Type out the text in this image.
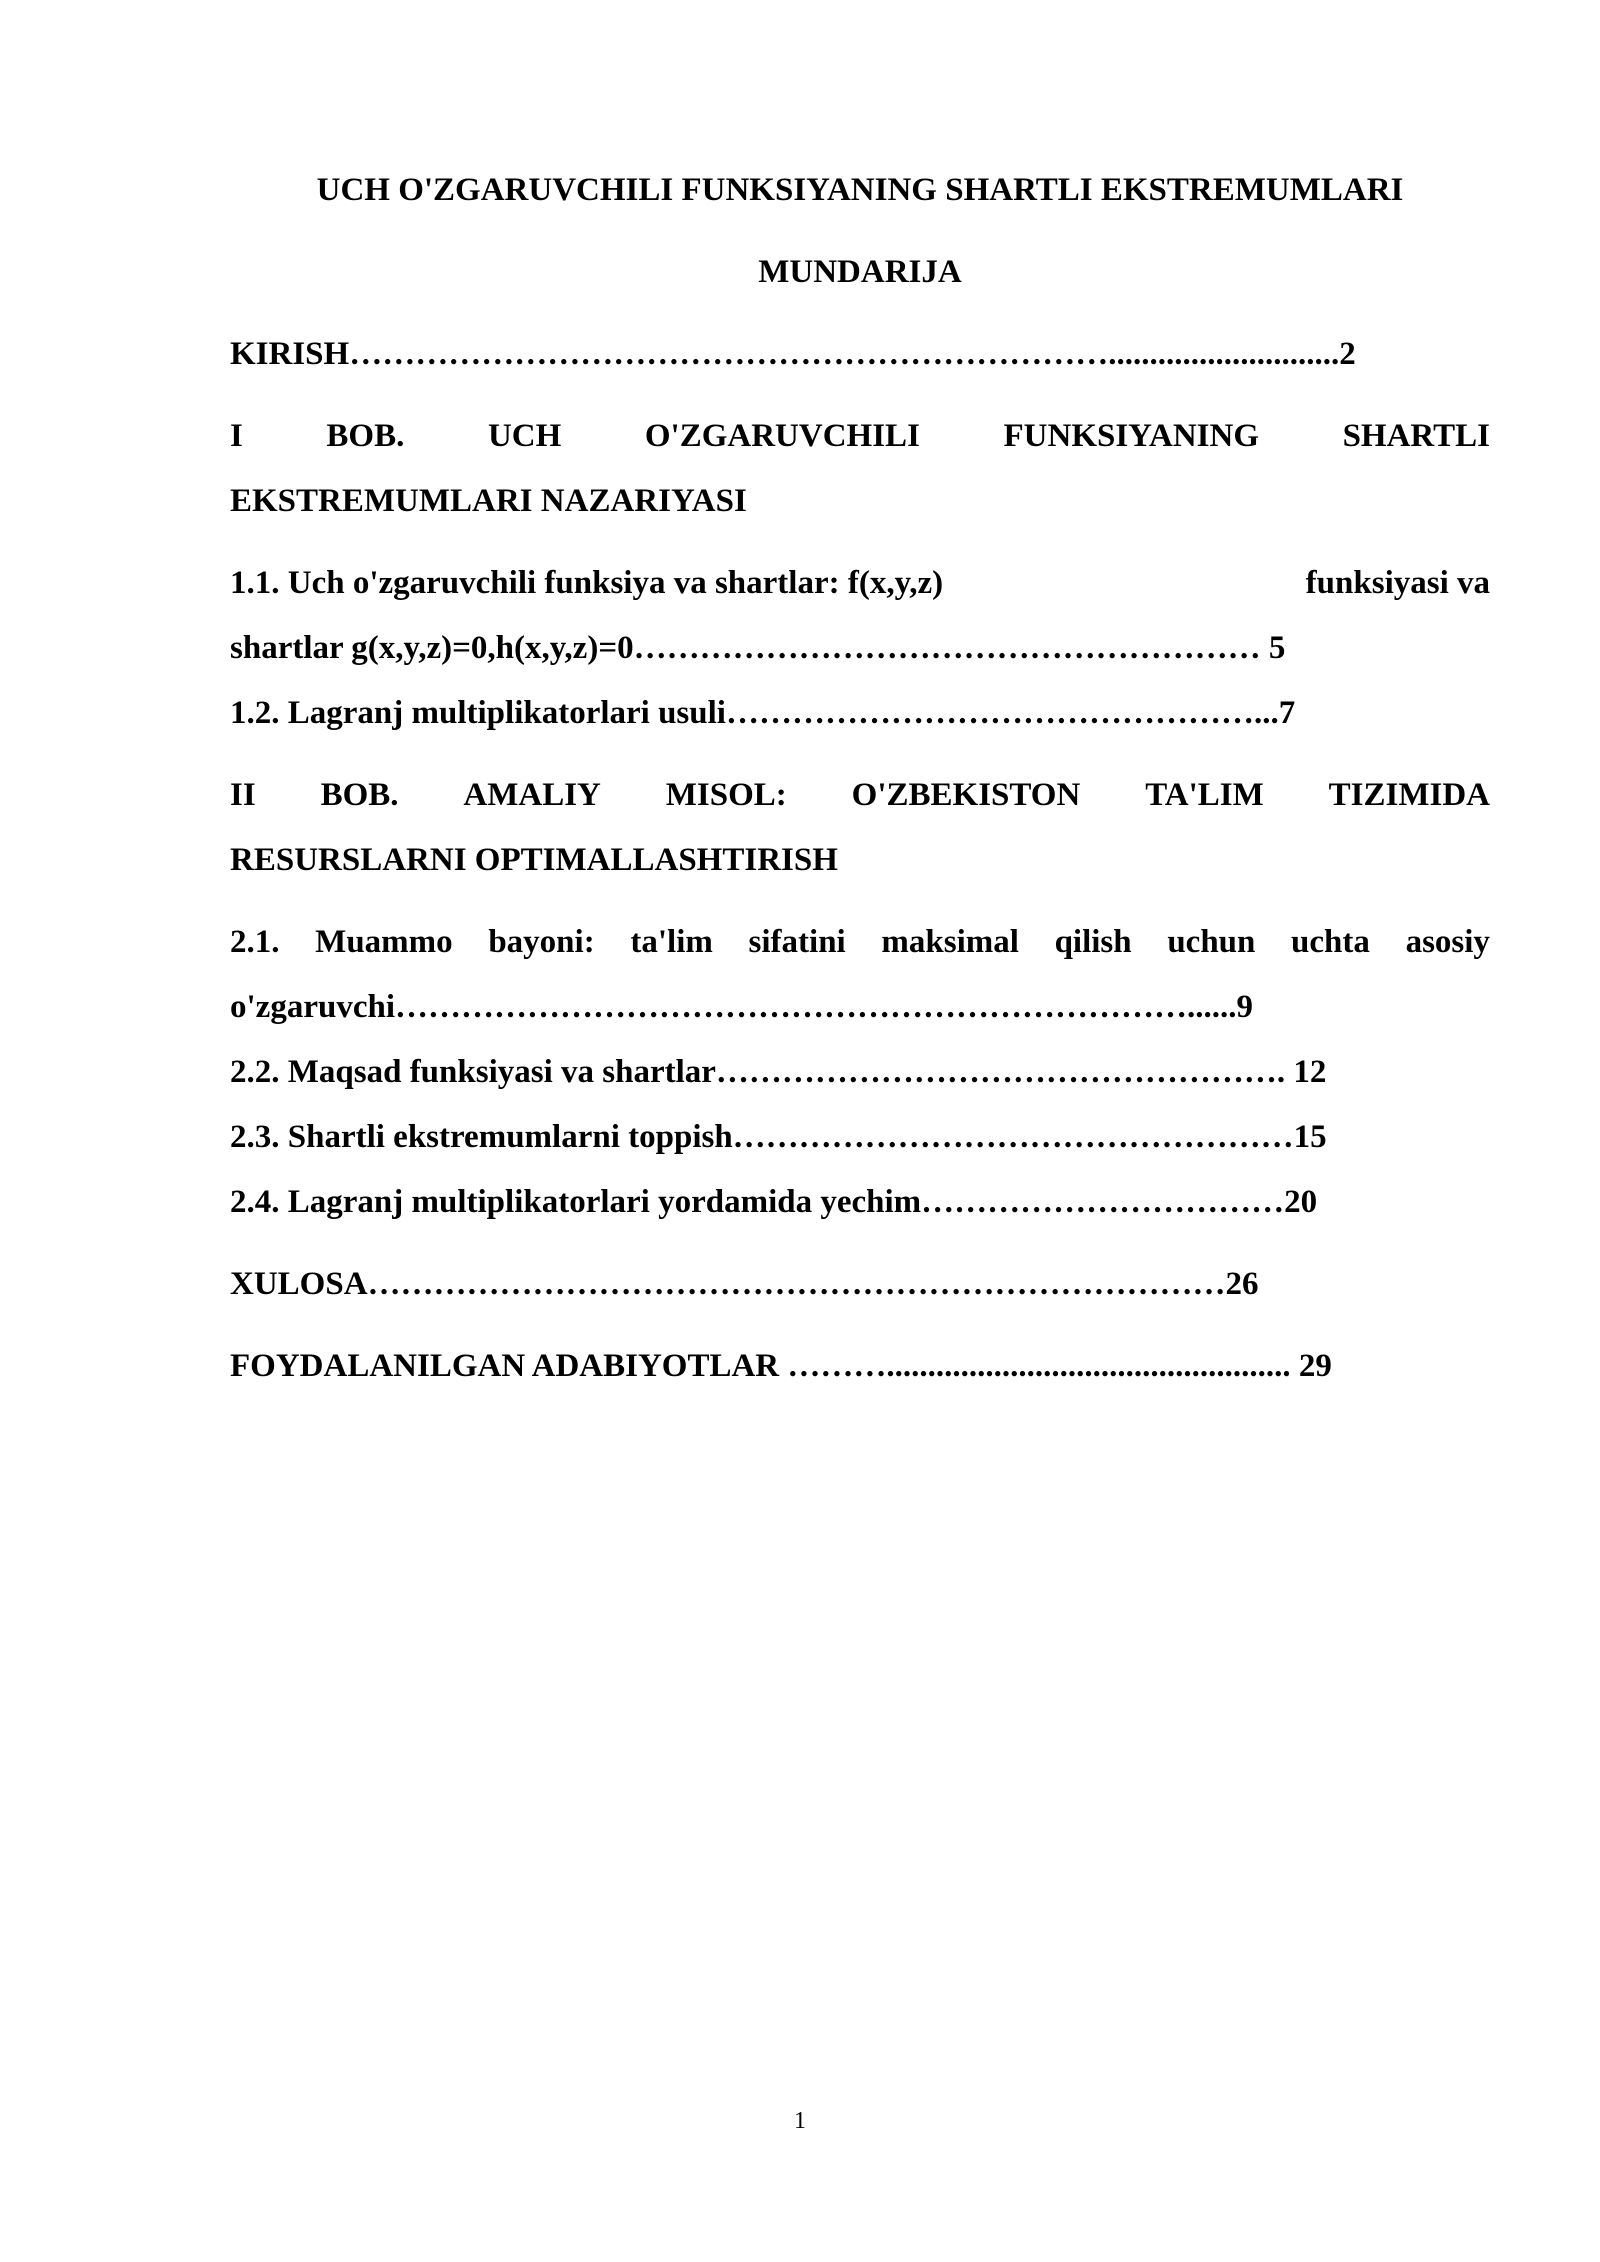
UCH O'ZGARUVCHILI FUNKSIYANING SHARTLI EKSTREMUMLARI
MUNDARIJA
KIRISH……………………………………………………………............................2
I	BOB.	UCH	O'ZGARUVCHILI	FUNKSIYANING	SHARTLI
EKSTREMUMLARI NAZARIYASI
1.1. Uch o'zgaruvchili funksiya va shartlar: f(x,y,z)	funksiyasi va
shartlar g(x,y,z)=0,h(x,y,z)=0………………………………………………… 5
1.2. Lagranj multiplikatorlari usuli…………………………………………...7
II BOB. AMALIY MISOL: O'ZBEKISTON TA'LIM TIZIMIDA
RESURSLARNI OPTIMALLASHTIRISH
2.1. Muammo bayoni: ta'lim sifatini maksimal qilish uchun uchta asosiy
o'zgaruvchi………………………………………………………………......9
2.2. Maqsad funksiyasi va shartlar……………………………………………. 12
2.3. Shartli ekstremumlarni toppish……………………………………………15
2.4. Lagranj multiplikatorlari yordamida yechim……………………………20
XULOSA……………………………………………………………………26
FOYDALANILGAN ADABIYOTLAR ………................................................. 29
1
